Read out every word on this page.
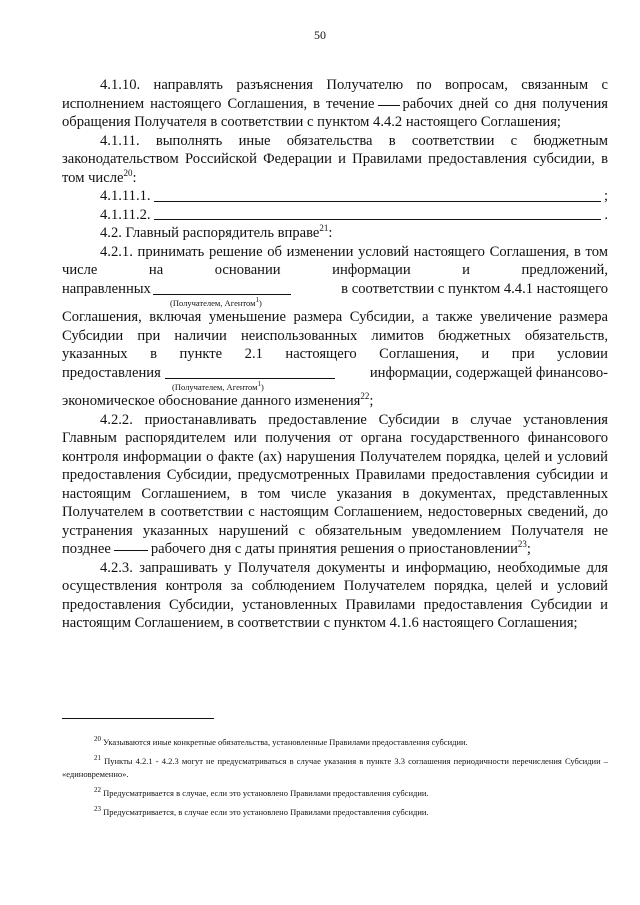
50

4.1.10. направлять разъяснения Получателю по вопросам, связанным с исполнением настоящего Соглашения, в течение рабочих дней со дня получения обращения Получателя в соответствии с пунктом 4.4.2 настоящего Соглашения;

4.1.11. выполнять иные обязательства в соответствии с бюджетным законодательством Российской Федерации и Правилами предоставления субсидии, в том числе$^{20}$:

4.1.11.1.	;
4.1.11.2.	.

4.2. Главный распорядитель вправе$^{21}$:

4.2.1. принимать решение об изменении условий настоящего Соглашения, в том числе на основании информации и предложений,

направленных	в соответствии с пунктом 4.4.1 настоящего

(Получателем, Агентом$^1$)

Соглашения, включая уменьшение размера Субсидии, а также увеличение размера Субсидии при наличии неиспользованных лимитов бюджетных обязательств, указанных в пункте 2.1 настоящего Соглашения, и при условии

предоставления	информации, содержащей финансово-

(Получателем, Агентом$^1$)

экономическое обоснование данного изменения$^{22}$;

4.2.2. приостанавливать предоставление Субсидии в случае установления Главным распорядителем или получения от органа государственного финансового контроля информации о факте (ах) нарушения Получателем порядка, целей и условий предоставления Субсидии, предусмотренных Правилами предоставления субсидии и настоящим Соглашением, в том числе указания в документах, представленных Получателем в соответствии с настоящим Соглашением, недостоверных сведений, до устранения указанных нарушений с обязательным уведомлением Получателя не позднее	рабочего дня с даты принятия решения о приостановлении$^{23}$;

4.2.3. запрашивать у Получателя документы и информацию, необходимые для осуществления контроля за соблюдением Получателем порядка, целей и условий предоставления Субсидии, установленных Правилами предоставления Субсидии и настоящим Соглашением, в соответствии с пунктом 4.1.6 настоящего Соглашения;

$^{20}$ Указываются иные конкретные обязательства, установленные Правилами предоставления субсидии.

$^{21}$ Пункты 4.2.1 - 4.2.3 могут не предусматриваться в случае указания в пункте 3.3 соглашения периодичности перечисления Субсидии – «единовременно».

$^{22}$ Предусматривается в случае, если это установлено Правилами предоставления субсидии.

$^{23}$ Предусматривается, в случае если это установлено Правилами предоставления субсидии.
